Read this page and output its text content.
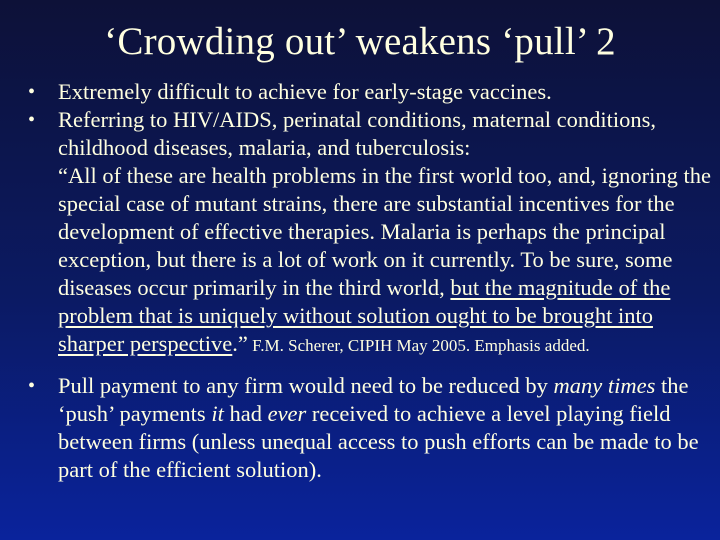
‘Crowding out’ weakens ‘pull’ 2
• Extremely difficult to achieve for early-stage vaccines.
• Referring to HIV/AIDS, perinatal conditions, maternal conditions, childhood diseases, malaria, and tuberculosis:
“All of these are health problems in the first world too, and, ignoring the special case of mutant strains, there are substantial incentives for the development of effective therapies. Malaria is perhaps the principal exception, but there is a lot of work on it currently. To be sure, some diseases occur primarily in the third world, but the magnitude of the problem that is uniquely without solution ought to be brought into sharper perspective.” F.M. Scherer, CIPIH May 2005. Emphasis added.
• Pull payment to any firm would need to be reduced by many times the ‘push’ payments it had ever received to achieve a level playing field between firms (unless unequal access to push efforts can be made to be part of the efficient solution).
